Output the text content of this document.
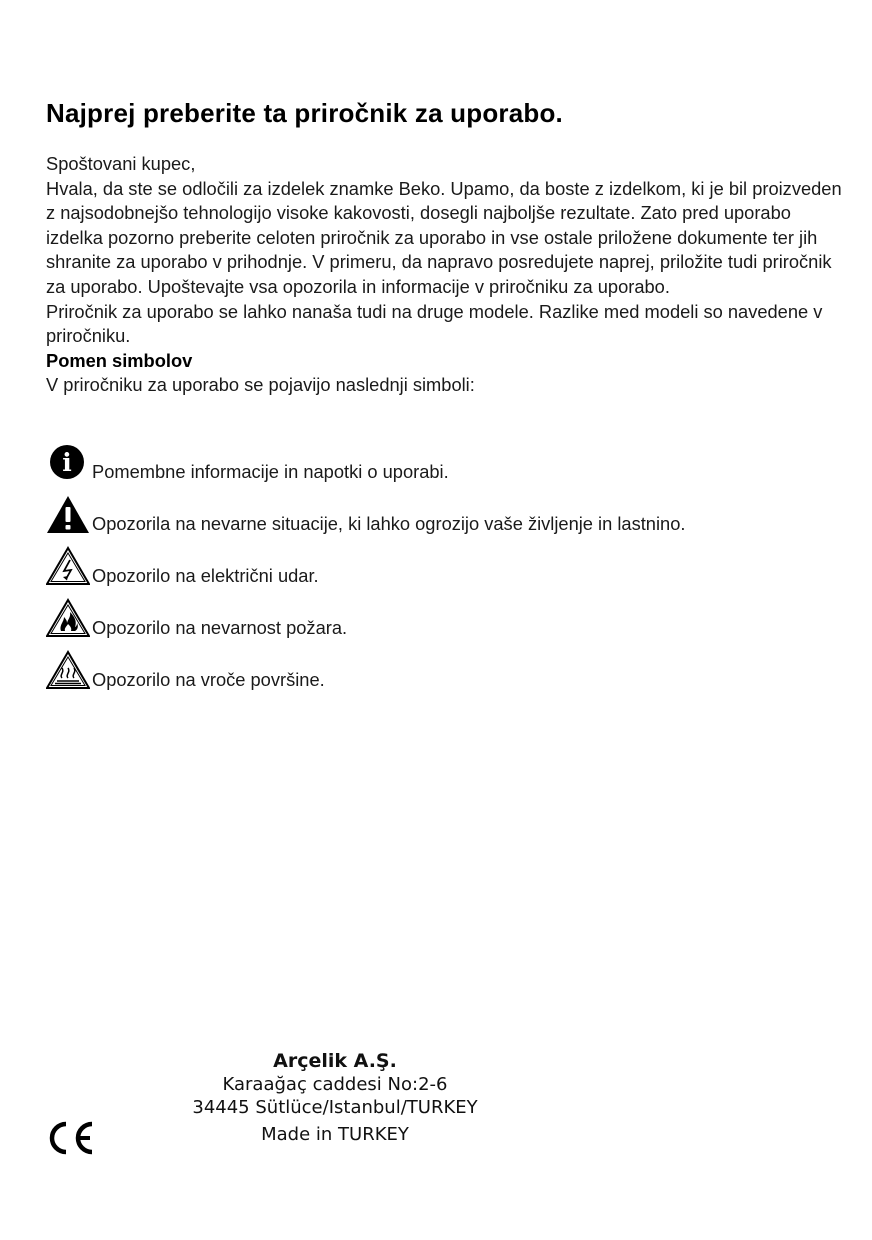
Najprej preberite ta priročnik za uporabo.

Spoštovani kupec,

Hvala, da ste se odločili za izdelek znamke Beko. Upamo, da boste z izdelkom, ki je bil proizveden z najsodobnejšo tehnologijo visoke kakovosti, dosegli najboljše rezultate. Zato pred uporabo izdelka pozorno preberite celoten priročnik za uporabo in vse ostale priložene dokumente ter jih shranite za uporabo v prihodnje. V primeru, da napravo posredujete naprej, priložite tudi priročnik za uporabo. Upoštevajte vsa opozorila in informacije v priročniku za uporabo.

Priročnik za uporabo se lahko nanaša tudi na druge modele. Razlike med modeli so navedene v priročniku.

Pomen simbolov

V priročniku za uporabo se pojavijo naslednji simboli:

i Pomembne informacije in napotki o uporabi.
Opozorila na nevarne situacije, ki lahko ogrozijo vaše življenje in lastnino.
Opozorilo na električni udar.
Opozorilo na nevarnost požara.
Opozorilo na vroče površine.
Arçelik A.Ş.
Karaağaç caddesi No:2-6
34445 Sütlüce/Istanbul/TURKEY
Made in TURKEY
